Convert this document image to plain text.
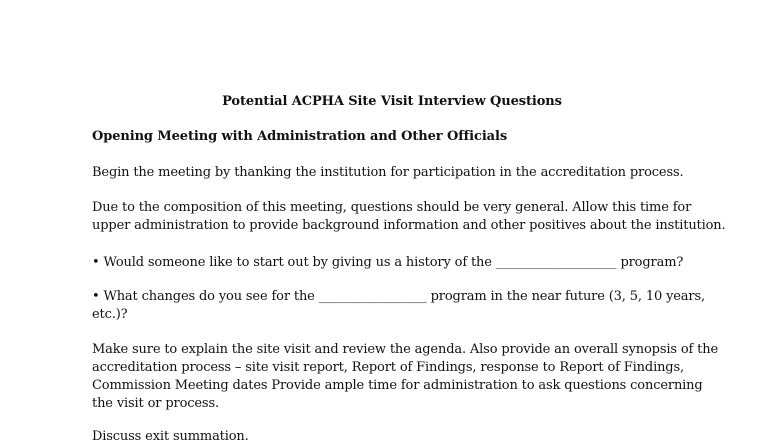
Potential ACPHA Site Visit Interview Questions
Opening Meeting with Administration and Other Officials

Begin the meeting by thanking the institution for participation in the accreditation process.

Due to the composition of this meeting, questions should be very general. Allow this time for
upper administration to provide background information and other positives about the institution.

• Would someone like to start out by giving us a history of the ___________________ program?

• What changes do you see for the _________________ program in the near future (3, 5, 10 years,
etc.)?

Make sure to explain the site visit and review the agenda. Also provide an overall synopsis of the
accreditation process – site visit report, Report of Findings, response to Report of Findings,
Commission Meeting dates Provide ample time for administration to ask questions concerning
the visit or process.

Discuss exit summation.
